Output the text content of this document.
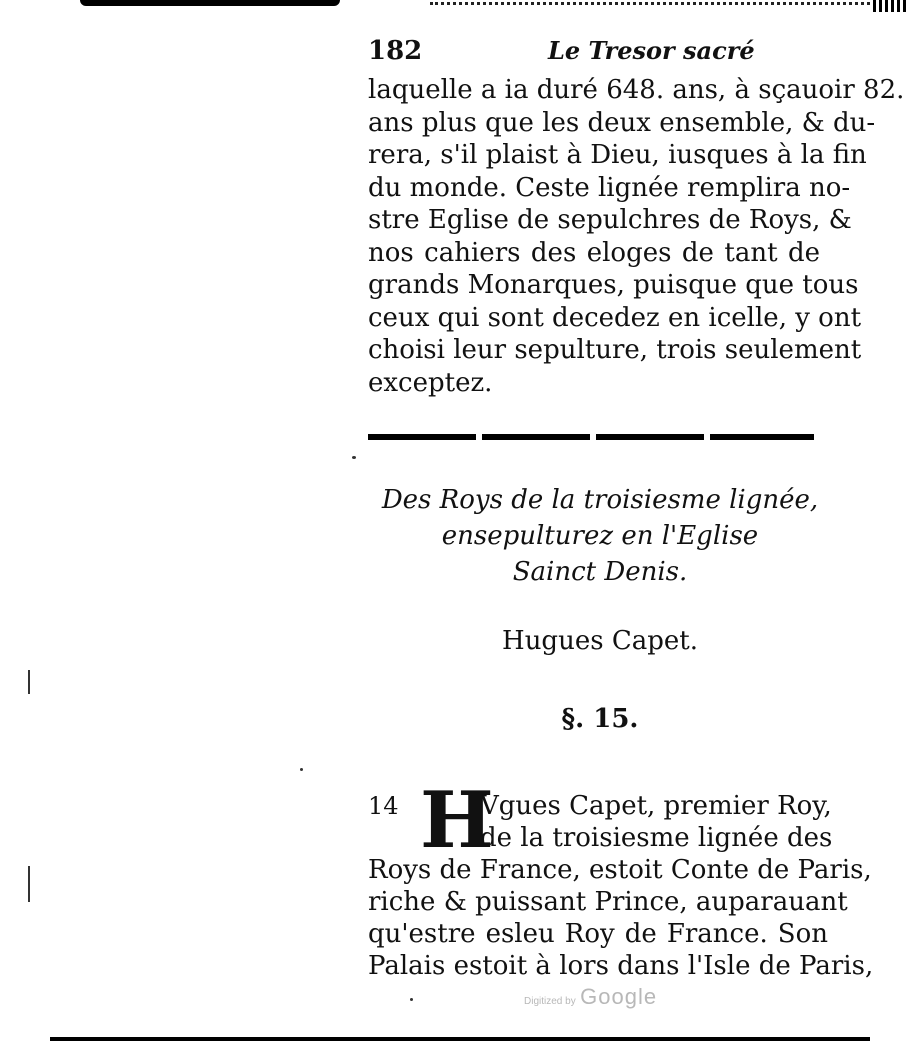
182	Le Tresor sacré
laquelle a ia duré 648. ans, à sçauoir 82.
ans plus que les deux ensemble, & du-
rera, s'il plaist à Dieu, iusques à la fin
du monde. Ceste lignée remplira no-
stre Eglise de sepulchres de Roys, &
nos cahiers des eloges de tant de
grands Monarques, puisque que tous
ceux qui sont decedez en icelle, y ont
choisi leur sepulture, trois seulement
exceptez.
Des Roys de la troisiesme lignée,
ensepulturez en l'Eglise
Sainct Denis.
Hugues Capet.
§. 15.
14 H
Vgues Capet, premier Roy,
de la troisiesme lignée des
Roys de France, estoit Conte de Paris,
riche & puissant Prince, auparauant
qu'estre esleu Roy de France. Son
Palais estoit à lors dans l'Isle de Paris,
Digitized by Google
